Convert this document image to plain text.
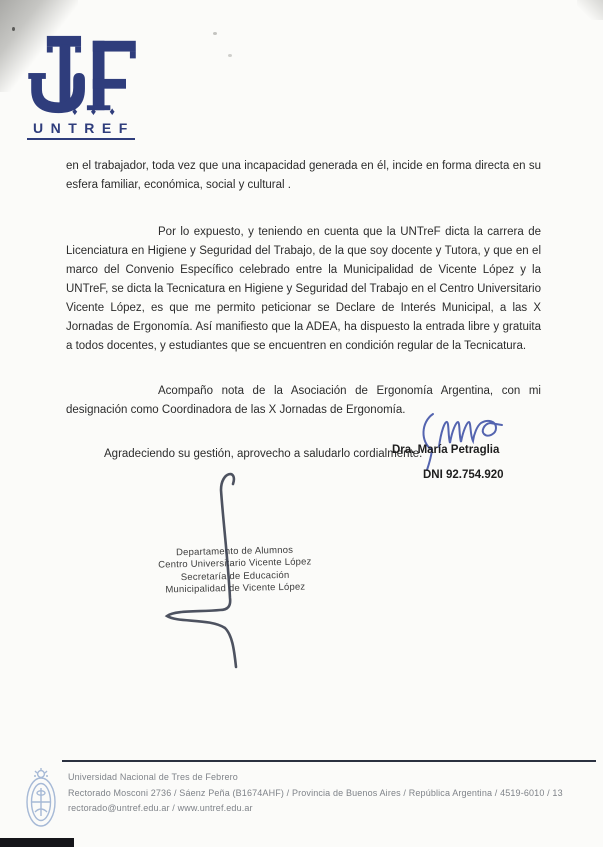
♦ ♦ ♦
UNTREF

en el trabajador, toda vez que una incapacidad generada en él, incide en forma directa en su esfera familiar, económica, social y cultural .

Por lo expuesto, y teniendo en cuenta que la UNTreF dicta la carrera de Licenciatura en Higiene y Seguridad del Trabajo, de la que soy docente y Tutora, y que en el marco del Convenio Específico celebrado entre la Municipalidad de Vicente López y la UNTreF, se dicta la Tecnicatura en Higiene y Seguridad del Trabajo en el Centro Universitario Vicente López, es que me permito peticionar se Declare de Interés Municipal, a las X Jornadas de Ergonomía. Así manifiesto que la ADEA, ha dispuesto la entrada libre y gratuita a todos docentes, y estudiantes que se encuentren en condición regular de la Tecnicatura.

Acompaño nota de la Asociación de Ergonomía Argentina, con mi designación como Coordinadora de las X Jornadas de Ergonomía.

Agradeciendo su gestión, aprovecho a saludarlo cordialmente.

Dra. María Petraglia
DNI 92.754.920
Departamento de Alumnos
Centro Universitario Vicente López
Secretaría de Educación
Municipalidad de Vicente López
Universidad Nacional de Tres de Febrero
Rectorado Mosconi 2736 / Sáenz Peña (B1674AHF) / Provincia de Buenos Aires / República Argentina / 4519-6010 / 13
rectorado@untref.edu.ar / www.untref.edu.ar
